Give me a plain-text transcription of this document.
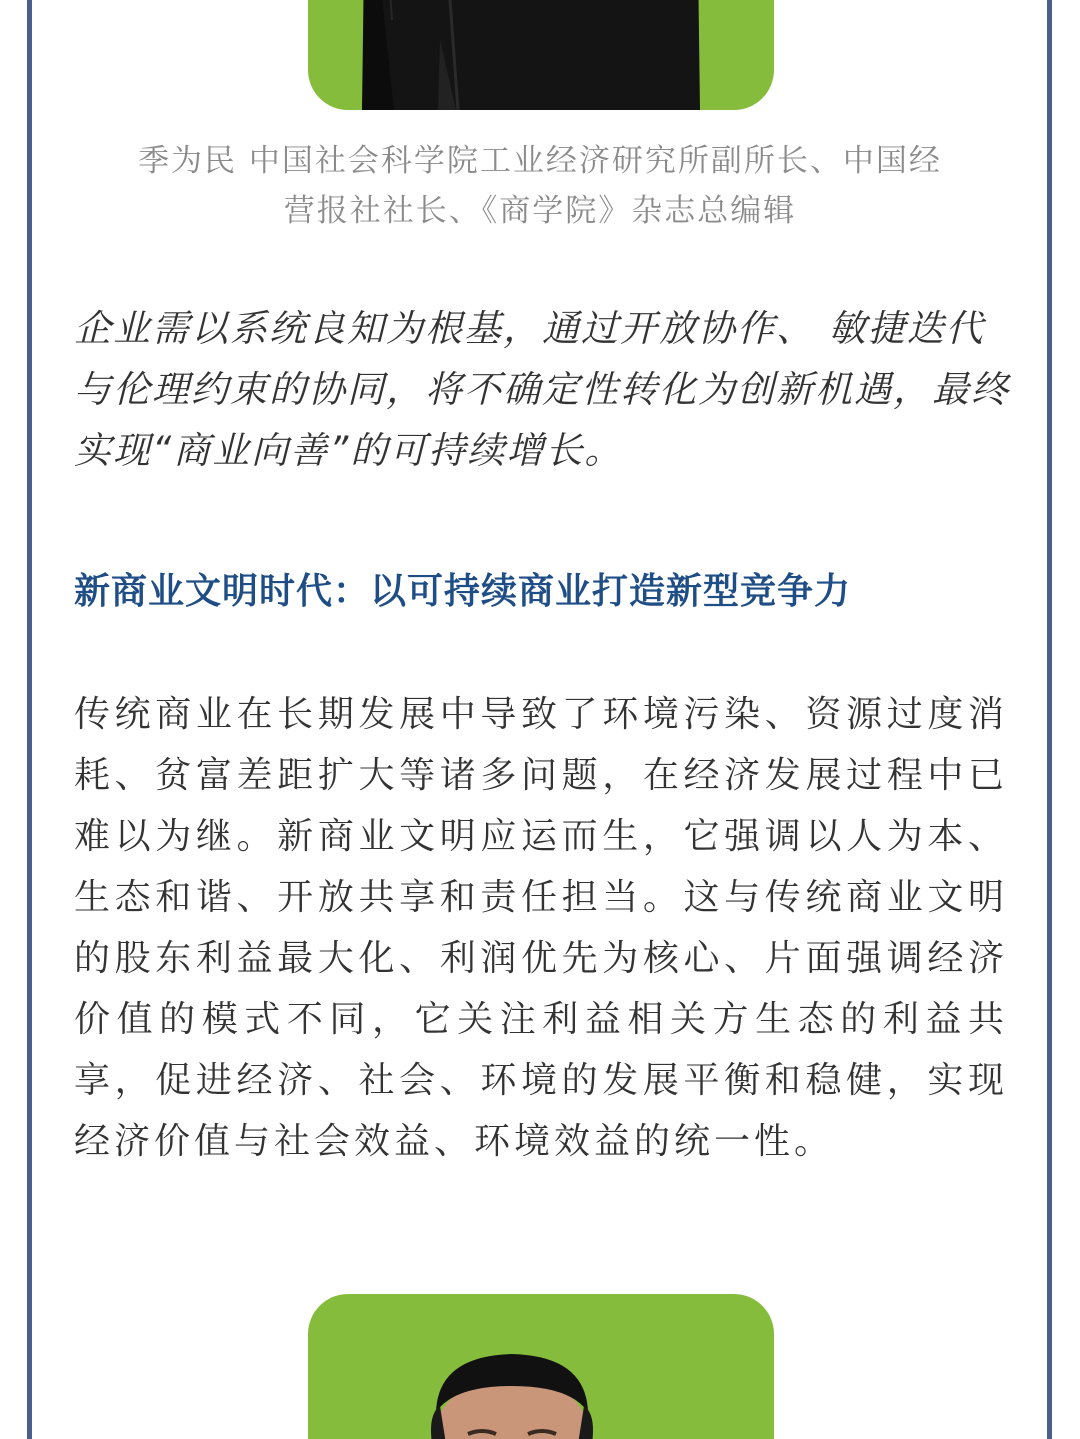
季为民 中国社会科学院工业经济研究所副所长、中国经
营报社社长、《商学院》杂志总编辑
企业需以系统良知为根基，通过开放协作、 敏捷迭代与伦理约束的协同，将不确定性转化为创新机遇，最终实现“商业向善”的可持续增长。
新商业文明时代：以可持续商业打造新型竞争力
传统商业在长期发展中导致了环境污染、资源过度消耗、贫富差距扩大等诸多问题，在经济发展过程中已难以为继。新商业文明应运而生，它强调以人为本、生态和谐、开放共享和责任担当。这与传统商业文明的股东利益最大化、利润优先为核心、片面强调经济价值的模式不同，它关注利益相关方生态的利益共享，促进经济、社会、环境的发展平衡和稳健，实现经济价值与社会效益、环境效益的统一性。
